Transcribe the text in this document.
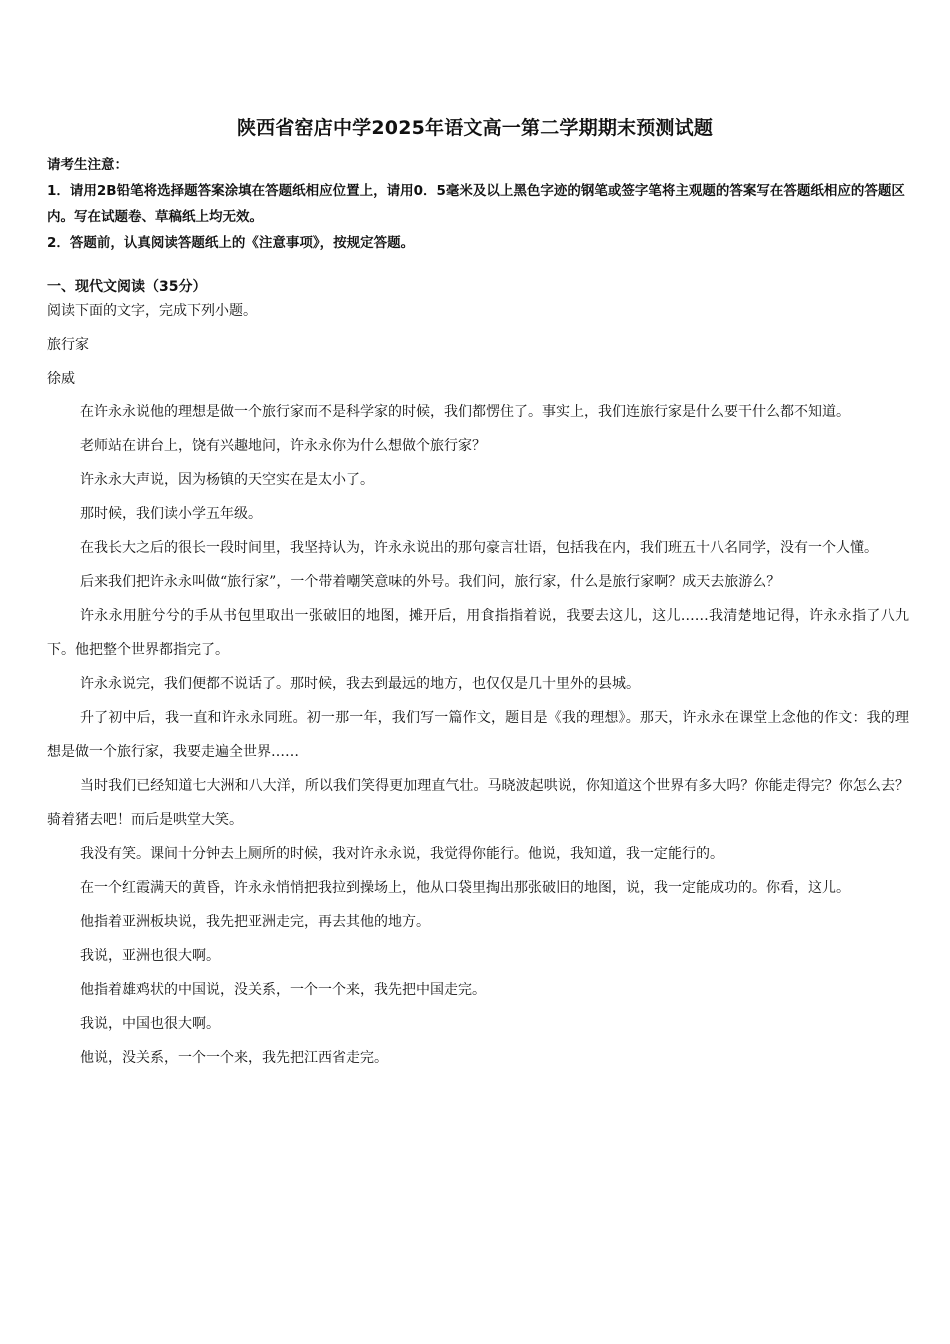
陕西省窑店中学2025年语文高一第二学期期末预测试题
请考生注意：
1．请用2B铅笔将选择题答案涂填在答题纸相应位置上，请用0．5毫米及以上黑色字迹的钢笔或签字笔将主观题的答案写在答题纸相应的答题区内。写在试题卷、草稿纸上均无效。
2．答题前，认真阅读答题纸上的《注意事项》，按规定答题。
一、现代文阅读（35分）
阅读下面的文字，完成下列小题。
旅行家
徐威

在许永永说他的理想是做一个旅行家而不是科学家的时候，我们都愣住了。事实上，我们连旅行家是什么要干什么都不知道。

老师站在讲台上，饶有兴趣地问，许永永你为什么想做个旅行家？

许永永大声说，因为杨镇的天空实在是太小了。

那时候，我们读小学五年级。

在我长大之后的很长一段时间里，我坚持认为，许永永说出的那句豪言壮语，包括我在内，我们班五十八名同学，没有一个人懂。

后来我们把许永永叫做“旅行家”，一个带着嘲笑意味的外号。我们问，旅行家，什么是旅行家啊？成天去旅游么？

许永永用脏兮兮的手从书包里取出一张破旧的地图，摊开后，用食指指着说，我要去这儿，这儿……我清楚地记得，许永永指了八九下。他把整个世界都指完了。

许永永说完，我们便都不说话了。那时候，我去到最远的地方，也仅仅是几十里外的县城。

升了初中后，我一直和许永永同班。初一那一年，我们写一篇作文，题目是《我的理想》。那天，许永永在课堂上念他的作文：我的理想是做一个旅行家，我要走遍全世界……

当时我们已经知道七大洲和八大洋，所以我们笑得更加理直气壮。马晓波起哄说，你知道这个世界有多大吗？你能走得完？你怎么去？骑着猪去吧！而后是哄堂大笑。

我没有笑。课间十分钟去上厕所的时候，我对许永永说，我觉得你能行。他说，我知道，我一定能行的。

在一个红霞满天的黄昏，许永永悄悄把我拉到操场上，他从口袋里掏出那张破旧的地图，说，我一定能成功的。你看，这儿。

他指着亚洲板块说，我先把亚洲走完，再去其他的地方。

我说，亚洲也很大啊。

他指着雄鸡状的中国说，没关系，一个一个来，我先把中国走完。

我说，中国也很大啊。

他说，没关系，一个一个来，我先把江西省走完。
